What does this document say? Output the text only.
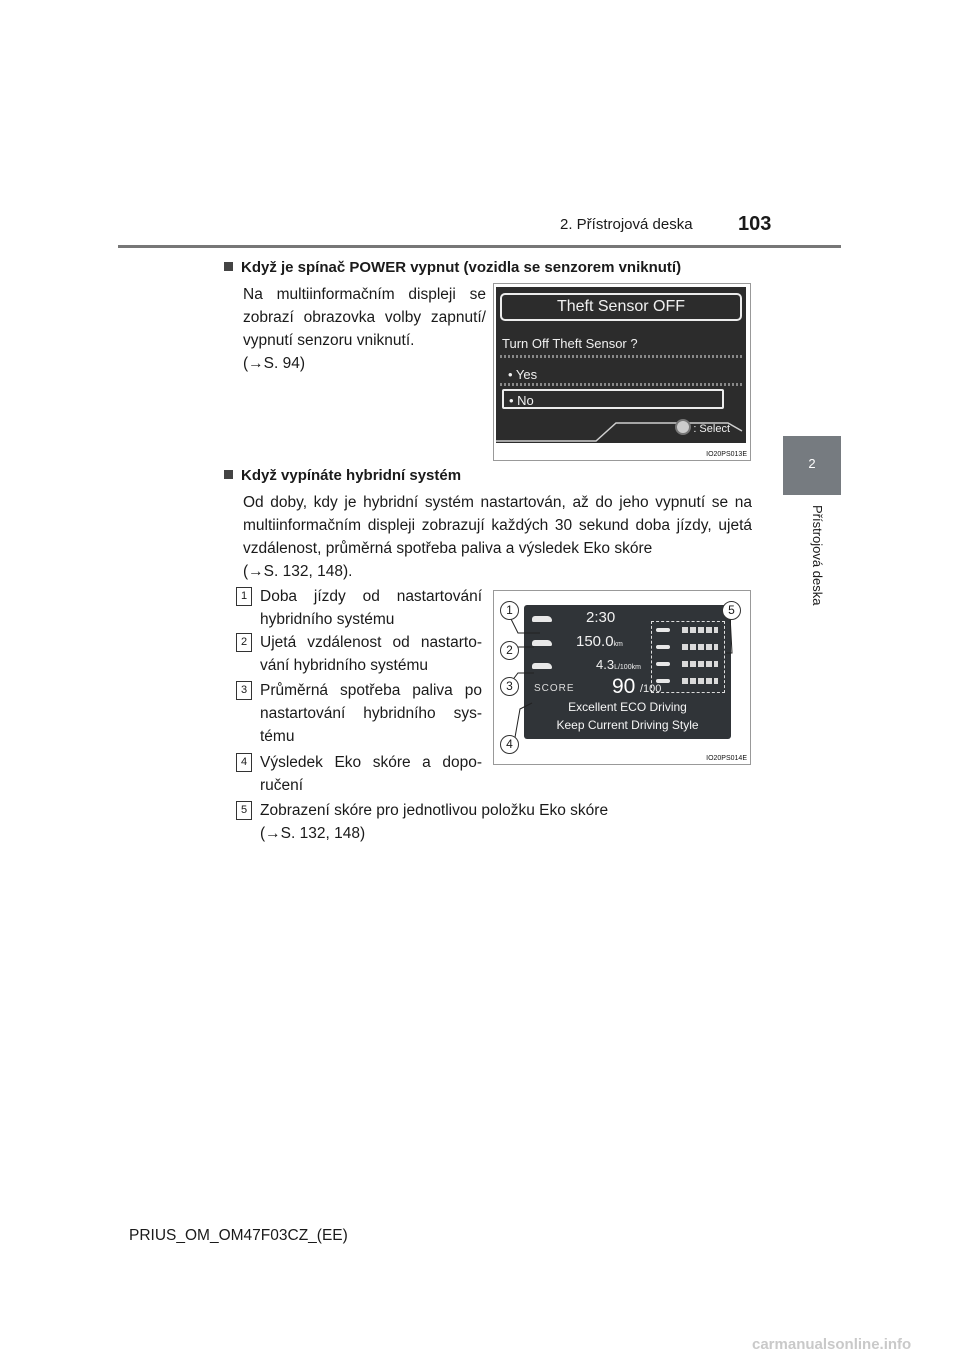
2. Přístrojová deska 103
2
Přístrojová deska
Když je spínač POWER vypnut (vozidla se senzorem vniknutí)
Na multiinformačním displeji se zobrazí obrazovka volby zapnutí/ vypnutí senzoru vniknutí.
(→S. 94)
Theft Sensor OFF
Turn Off Theft Sensor ?
• Yes
• No
: Select
IO20PS013E
Když vypínáte hybridní systém
Od doby, kdy je hybridní systém nastartován, až do jeho vypnutí se na multiinformačním displeji zobrazují každých 30 sekund doba jízdy, ujetá vzdálenost, průměrná spotřeba paliva a výsledek Eko skóre
(→S. 132, 148).
1 Doba jízdy od nastartování hybridního systému
2 Ujetá vzdálenost od nastarto- vání hybridního systému
3 Průměrná spotřeba paliva po nastartování hybridního sys- tému
4 Výsledek Eko skóre a dopo- ručení
5 Zobrazení skóre pro jednotlivou položku Eko skóre
(→S. 132, 148)
2:30
150.0km
4.3L/100km
SCORE 90 /100
Excellent ECO Driving
Keep Current Driving Style
1
2
3
4
5
IO20PS014E
PRIUS_OM_OM47F03CZ_(EE)
carmanualsonline.info
